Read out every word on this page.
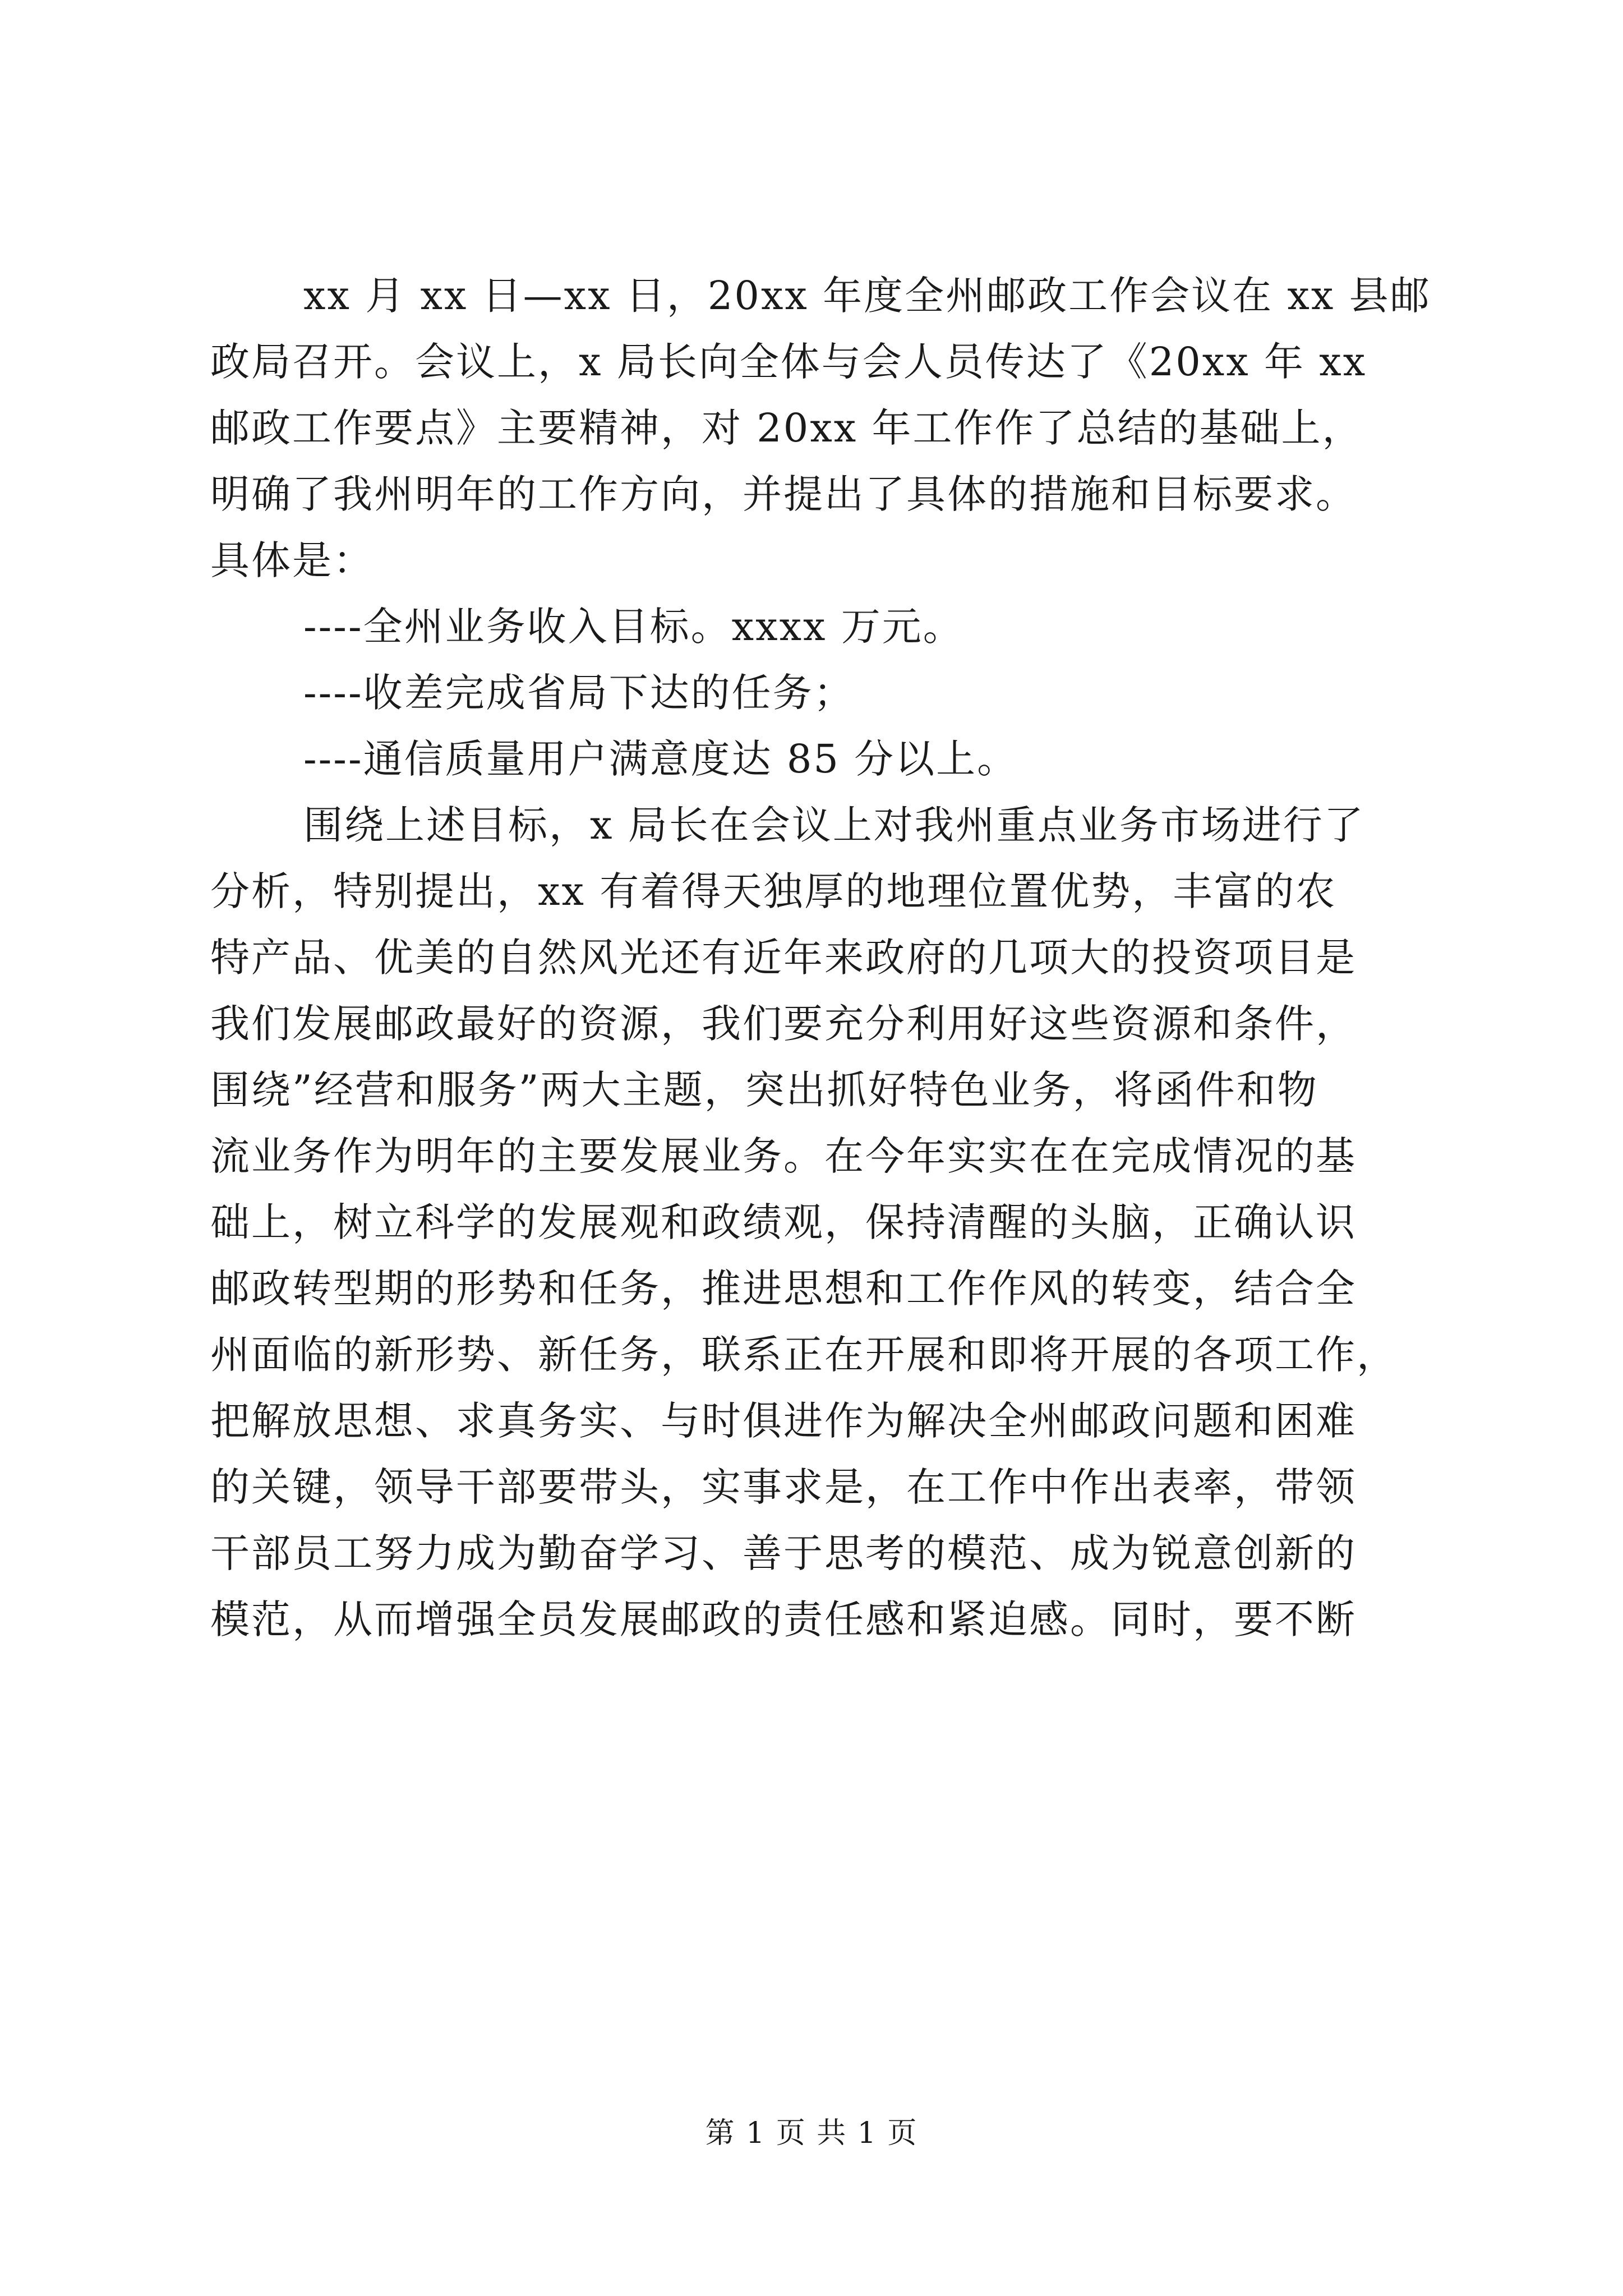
xx 月 xx 日—xx 日，20xx 年度全州邮政工作会议在 xx 县邮
政局召开。会议上，x 局长向全体与会人员传达了《20xx 年 xx
邮政工作要点》主要精神，对 20xx 年工作作了总结的基础上，
明确了我州明年的工作方向，并提出了具体的措施和目标要求。
具体是：
----全州业务收入目标。xxxx 万元。
----收差完成省局下达的任务；
----通信质量用户满意度达 85 分以上。
围绕上述目标，x 局长在会议上对我州重点业务市场进行了
分析，特别提出，xx 有着得天独厚的地理位置优势，丰富的农
特产品、优美的自然风光还有近年来政府的几项大的投资项目是
我们发展邮政最好的资源，我们要充分利用好这些资源和条件，
围绕”经营和服务”两大主题，突出抓好特色业务，将函件和物
流业务作为明年的主要发展业务。在今年实实在在完成情况的基
础上，树立科学的发展观和政绩观，保持清醒的头脑，正确认识
邮政转型期的形势和任务，推进思想和工作作风的转变，结合全
州面临的新形势、新任务，联系正在开展和即将开展的各项工作，
把解放思想、求真务实、与时俱进作为解决全州邮政问题和困难
的关键，领导干部要带头，实事求是，在工作中作出表率，带领
干部员工努力成为勤奋学习、善于思考的模范、成为锐意创新的
模范，从而增强全员发展邮政的责任感和紧迫感。同时，要不断
第 1 页 共 1 页
